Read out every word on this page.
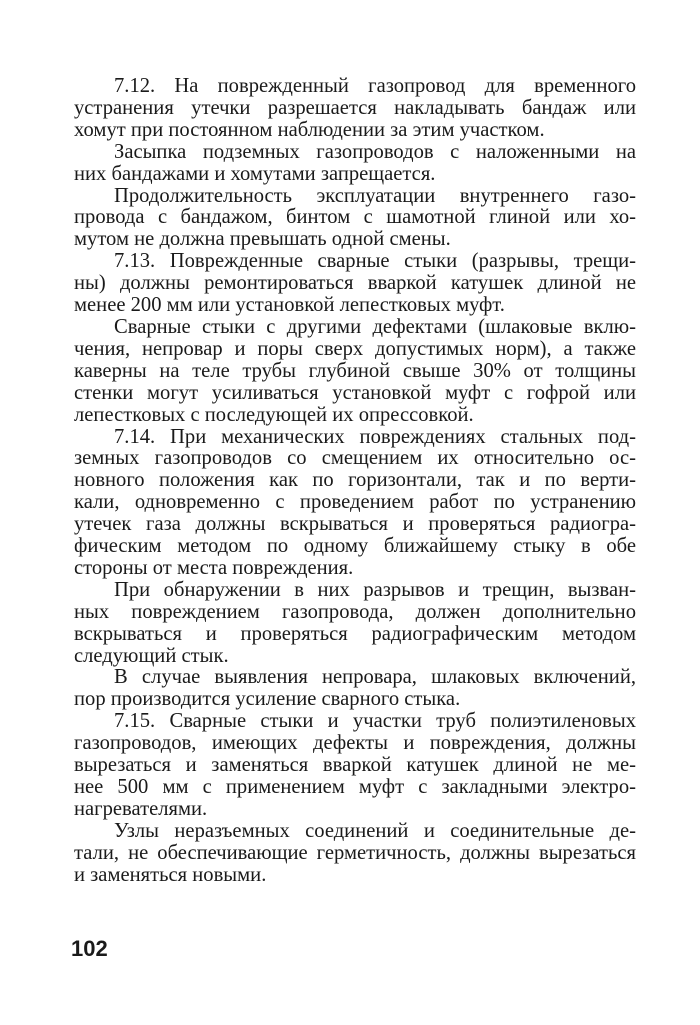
7.12. На поврежденный газопровод для временного
устранения утечки разрешается накладывать бандаж или
хомут при постоянном наблюдении за этим участком.
Засыпка подземных газопроводов с наложенными на
них бандажами и хомутами запрещается.
Продолжительность эксплуатации внутреннего газо-
провода с бандажом, бинтом с шамотной глиной или хо-
мутом не должна превышать одной смены.
7.13. Поврежденные сварные стыки (разрывы, трещи-
ны) должны ремонтироваться вваркой катушек длиной не
менее 200 мм или установкой лепестковых муфт.
Сварные стыки с другими дефектами (шлаковые вклю-
чения, непровар и поры сверх допустимых норм), а также
каверны на теле трубы глубиной свыше 30% от толщины
стенки могут усиливаться установкой муфт с гофрой или
лепестковых с последующей их опрессовкой.
7.14. При механических повреждениях стальных под-
земных газопроводов со смещением их относительно ос-
новного положения как по горизонтали, так и по верти-
кали, одновременно с проведением работ по устранению
утечек газа должны вскрываться и проверяться радиогра-
фическим методом по одному ближайшему стыку в обе
стороны от места повреждения.
При обнаружении в них разрывов и трещин, вызван-
ных повреждением газопровода, должен дополнительно
вскрываться и проверяться радиографическим методом
следующий стык.
В случае выявления непровара, шлаковых включений,
пор производится усиление сварного стыка.
7.15. Сварные стыки и участки труб полиэтиленовых
газопроводов, имеющих дефекты и повреждения, должны
вырезаться и заменяться вваркой катушек длиной не ме-
нее 500 мм с применением муфт с закладными электро-
нагревателями.
Узлы неразъемных соединений и соединительные де-
тали, не обеспечивающие герметичность, должны вырезаться
и заменяться новыми.
102
